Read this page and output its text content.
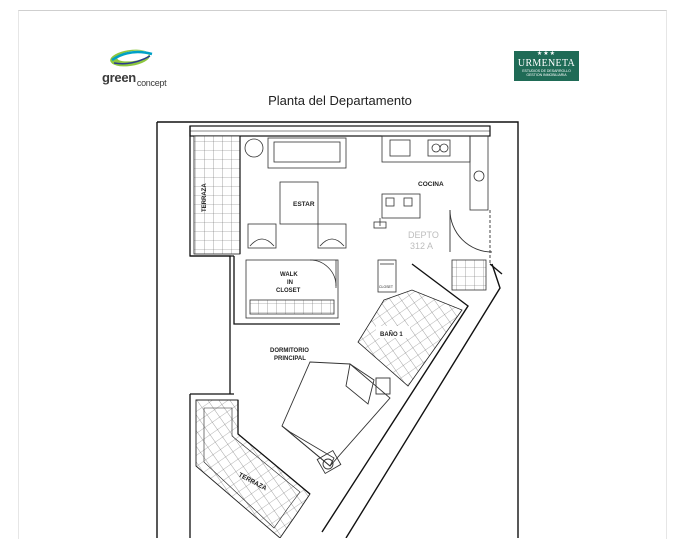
green$_{concept}$
★★★
URMENETA
ESTUDIOS DE DESARROLLO
GESTION INMOBILIARIA
Planta del Departamento
TERRAZA	ESTAR
COCINA
DEPTO
312 A
WALK
IN
CLOSET
CLOSET
BAÑO 1
DORMITORIO
PRINCIPAL
TERRAZA
